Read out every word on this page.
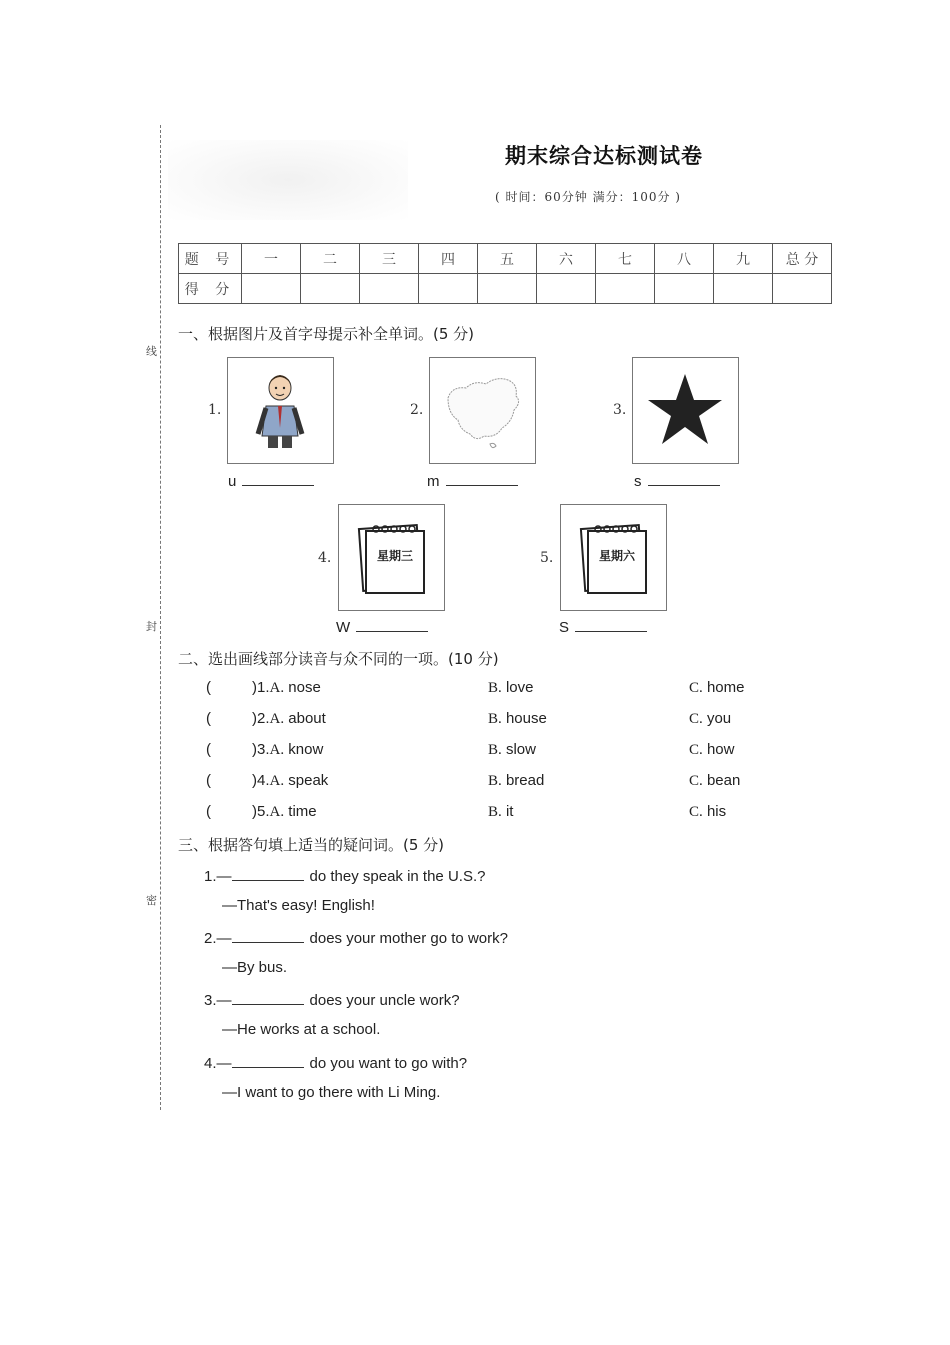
线
封
密
期末综合达标测试卷
( 时间：60分钟 满分：100分 )
题 号	一	二	三	四	五	六	七	八	九	总 分
得 分										
一、根据图片及首字母提示补全单词。(5 分)
1.
u
2.
m
3.
s
4.	星期三
W
5.	星期六
S
二、选出画线部分读音与众不同的一项。(10 分)
(	)1.A. nose	B. love	C. home
(	)2.A. about	B. house	C. you
(	)3.A. know	B. slow	C. how
(	)4.A. speak	B. bread	C. bean
(	)5.A. time	B. it	C. his
三、根据答句填上适当的疑问词。(5 分)
1.—	do they speak in the U.S.?
—That's easy! English!
2.—	does your mother go to work?
—By bus.
3.—	does your uncle work?
—He works at a school.
4.—	do you want to go with?
—I want to go there with Li Ming.
